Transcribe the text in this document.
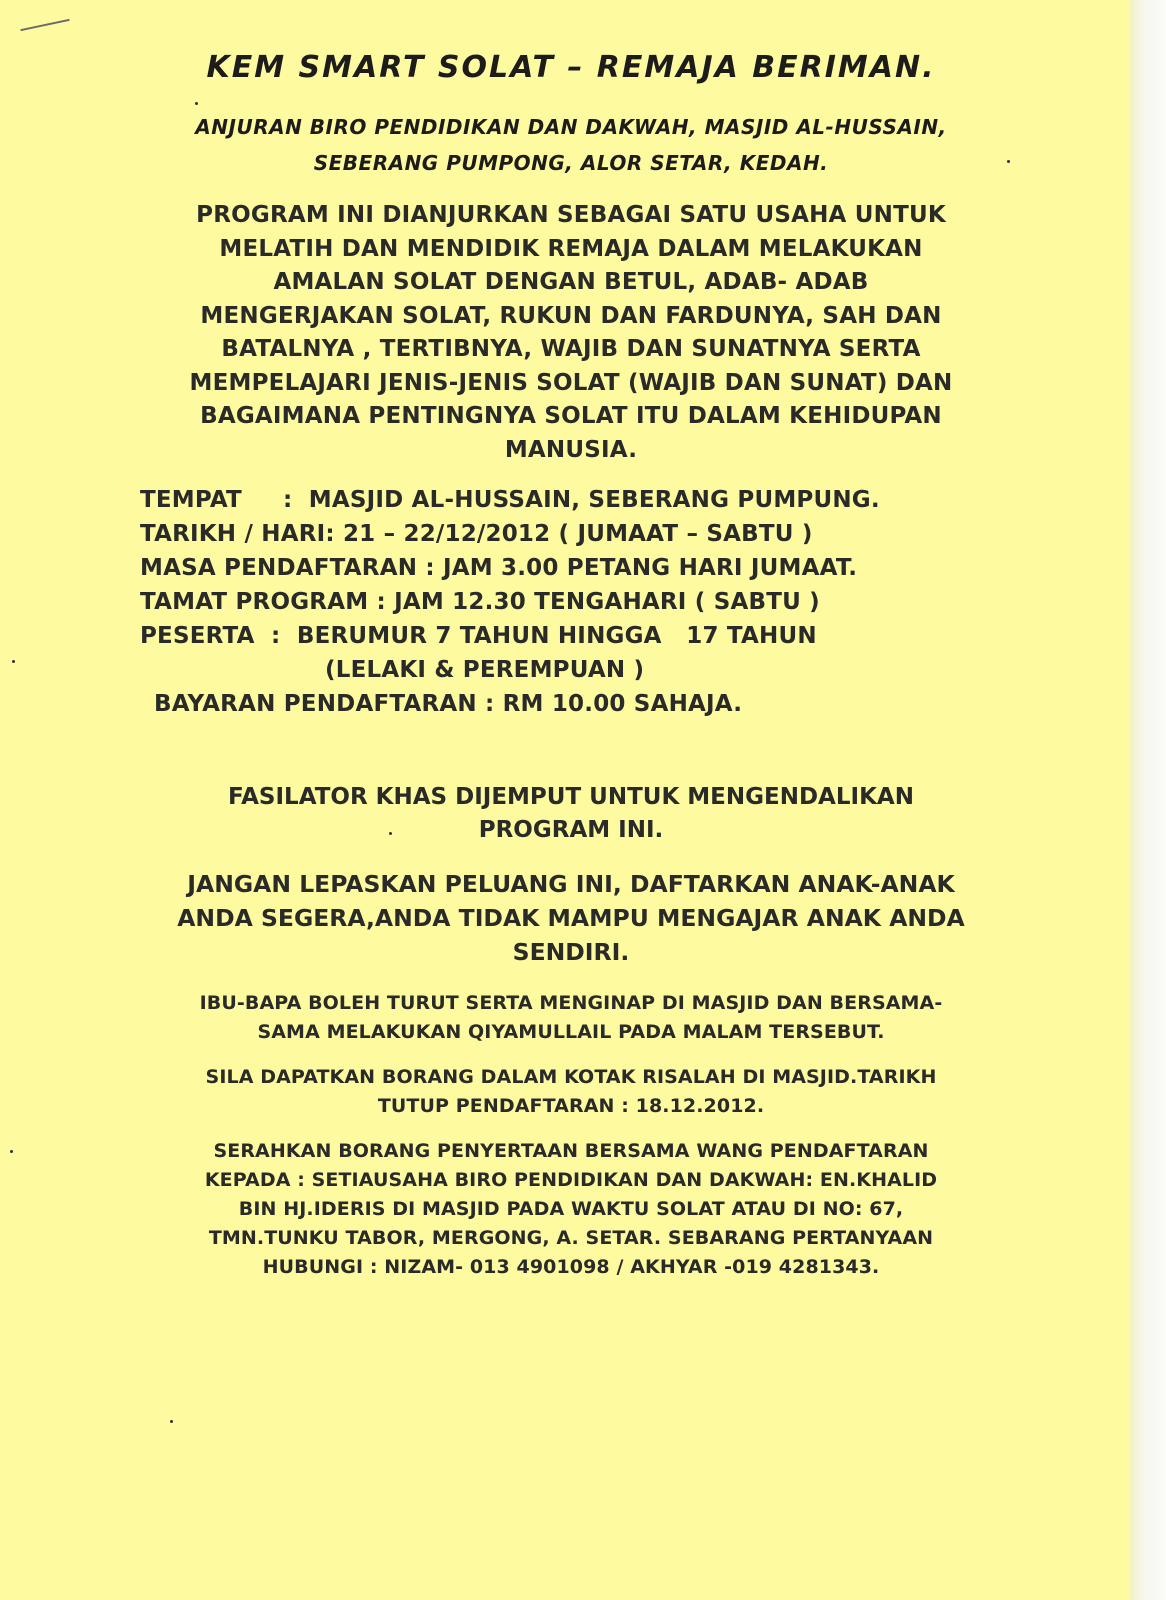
KEM SMART SOLAT – REMAJA BERIMAN.
ANJURAN BIRO PENDIDIKAN DAN DAKWAH, MASJID AL-HUSSAIN,
SEBERANG PUMPONG, ALOR SETAR, KEDAH.
PROGRAM INI DIANJURKAN SEBAGAI SATU USAHA UNTUK
MELATIH DAN MENDIDIK REMAJA DALAM MELAKUKAN
AMALAN SOLAT DENGAN BETUL, ADAB- ADAB
MENGERJAKAN SOLAT, RUKUN DAN FARDUNYA, SAH DAN
BATALNYA , TERTIBNYA, WAJIB DAN SUNATNYA SERTA
MEMPELAJARI JENIS-JENIS SOLAT (WAJIB DAN SUNAT) DAN
BAGAIMANA PENTINGNYA SOLAT ITU DALAM KEHIDUPAN
MANUSIA.
TEMPAT     :  MASJID AL-HUSSAIN, SEBERANG PUMPUNG.
TARIKH / HARI: 21 – 22/12/2012 ( JUMAAT – SABTU )
MASA PENDAFTARAN : JAM 3.00 PETANG HARI JUMAAT.
TAMAT PROGRAM : JAM 12.30 TENGAHARI ( SABTU )
PESERTA  :  BERUMUR 7 TAHUN HINGGA   17 TAHUN
(LELAKI & PEREMPUAN )
BAYARAN PENDAFTARAN : RM 10.00 SAHAJA.
FASILATOR KHAS DIJEMPUT UNTUK MENGENDALIKAN
PROGRAM INI.
JANGAN LEPASKAN PELUANG INI, DAFTARKAN ANAK-ANAK
ANDA SEGERA,ANDA TIDAK MAMPU MENGAJAR ANAK ANDA
SENDIRI.
IBU-BAPA BOLEH TURUT SERTA MENGINAP DI MASJID DAN BERSAMA-
SAMA MELAKUKAN QIYAMULLAIL PADA MALAM TERSEBUT.
SILA DAPATKAN BORANG DALAM KOTAK RISALAH DI MASJID.TARIKH
TUTUP PENDAFTARAN : 18.12.2012.
SERAHKAN BORANG PENYERTAAN BERSAMA WANG PENDAFTARAN
KEPADA : SETIAUSAHA BIRO PENDIDIKAN DAN DAKWAH: EN.KHALID
BIN HJ.IDERIS DI MASJID PADA WAKTU SOLAT ATAU DI NO: 67,
TMN.TUNKU TABOR, MERGONG, A. SETAR. SEBARANG PERTANYAAN
HUBUNGI : NIZAM- 013 4901098 / AKHYAR -019 4281343.
